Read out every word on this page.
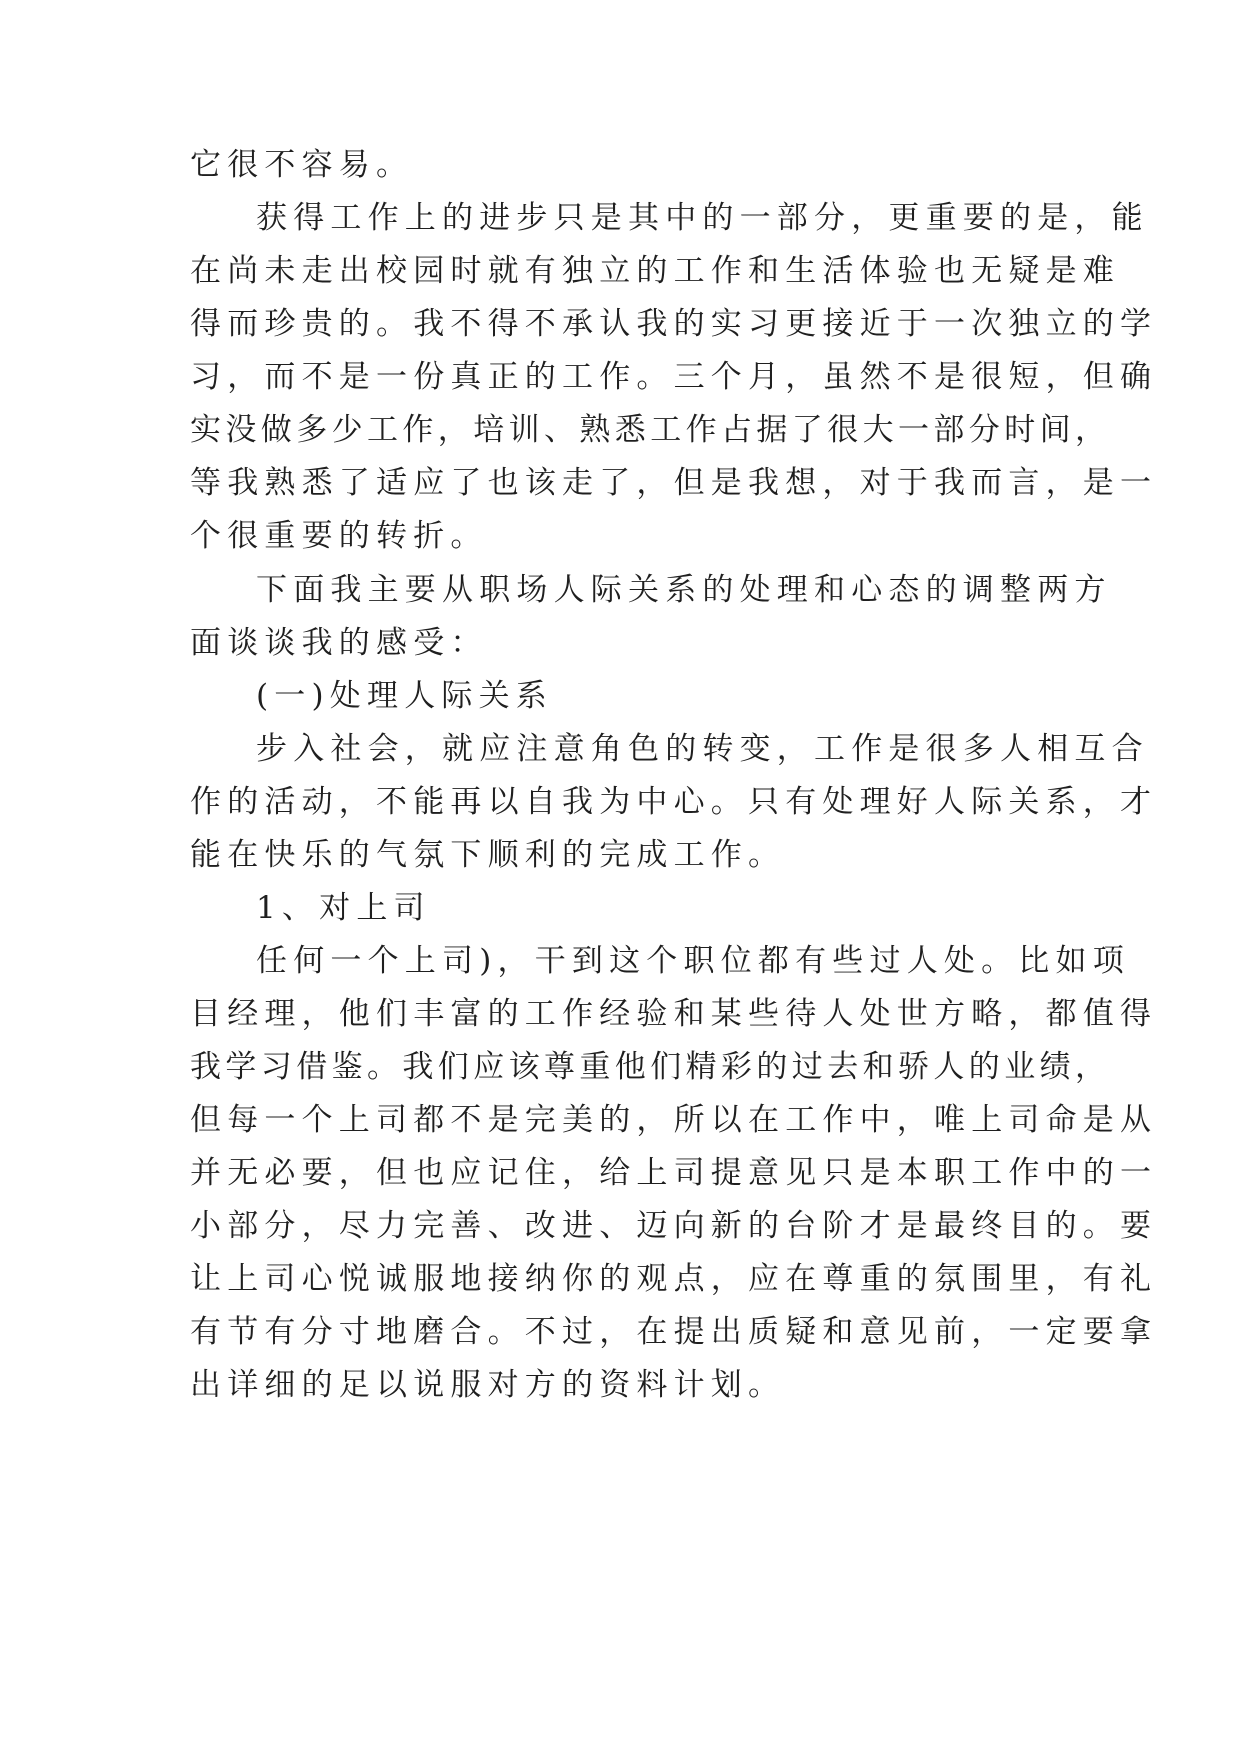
它很不容易。

获得工作上的进步只是其中的一部分，更重要的是，能

在尚未走出校园时就有独立的工作和生活体验也无疑是难

得而珍贵的。我不得不承认我的实习更接近于一次独立的学

习，而不是一份真正的工作。三个月，虽然不是很短，但确

实没做多少工作，培训、熟悉工作占据了很大一部分时间，

等我熟悉了适应了也该走了，但是我想，对于我而言，是一

个很重要的转折。

下面我主要从职场人际关系的处理和心态的调整两方

面谈谈我的感受：

(一)处理人际关系

步入社会，就应注意角色的转变，工作是很多人相互合

作的活动，不能再以自我为中心。只有处理好人际关系，才

能在快乐的气氛下顺利的完成工作。

1、对上司

任何一个上司)，干到这个职位都有些过人处。比如项

目经理，他们丰富的工作经验和某些待人处世方略，都值得

我学习借鉴。我们应该尊重他们精彩的过去和骄人的业绩，

但每一个上司都不是完美的，所以在工作中，唯上司命是从

并无必要，但也应记住，给上司提意见只是本职工作中的一

小部分，尽力完善、改进、迈向新的台阶才是最终目的。要

让上司心悦诚服地接纳你的观点，应在尊重的氛围里，有礼

有节有分寸地磨合。不过，在提出质疑和意见前，一定要拿

出详细的足以说服对方的资料计划。
